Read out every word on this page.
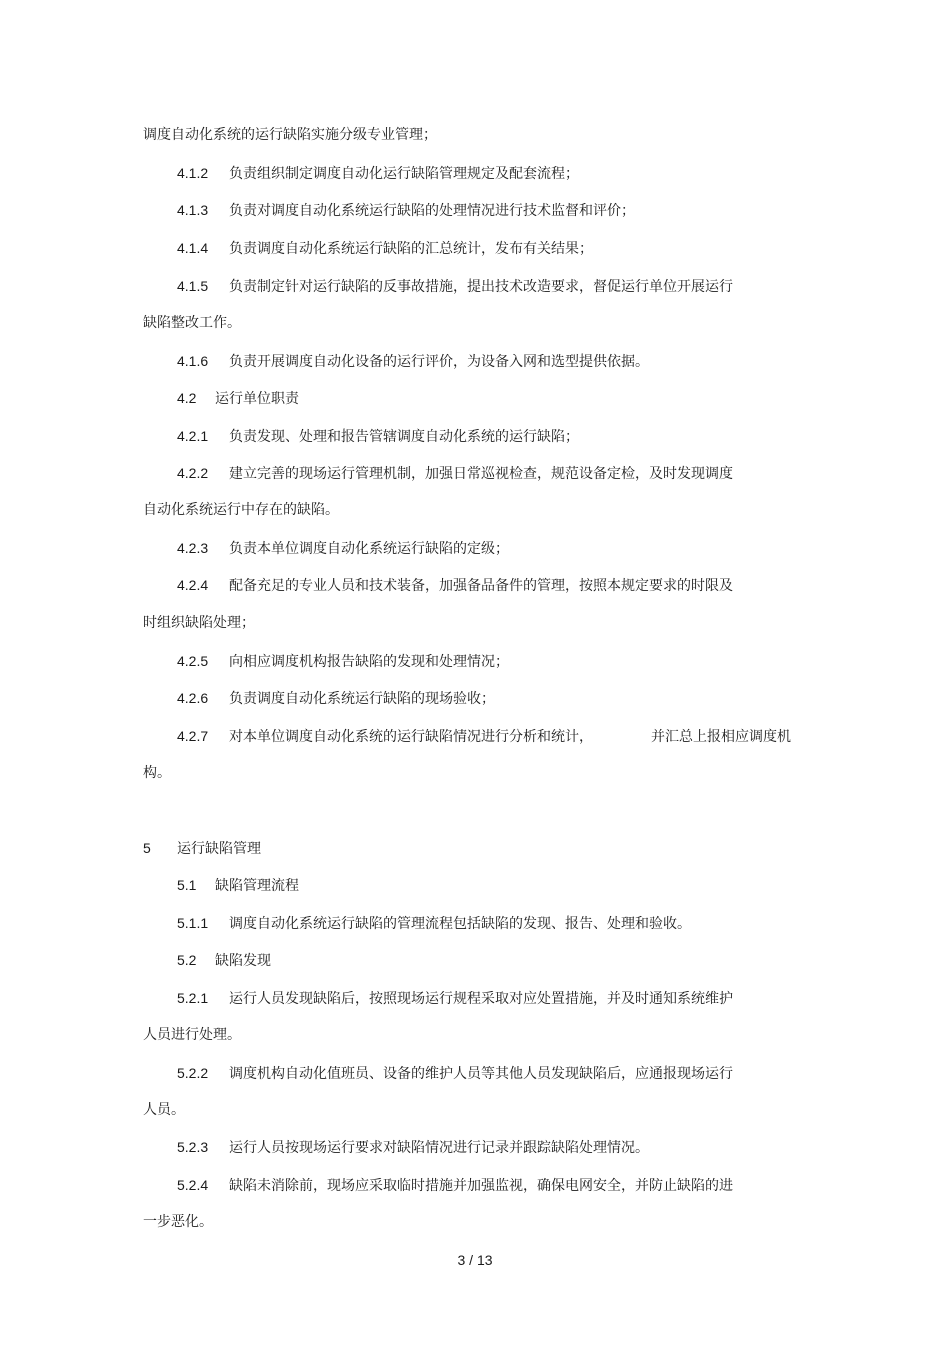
调度自动化系统的运行缺陷实施分级专业管理；
4.1.2 负责组织制定调度自动化运行缺陷管理规定及配套流程；
4.1.3 负责对调度自动化系统运行缺陷的处理情况进行技术监督和评价；
4.1.4 负责调度自动化系统运行缺陷的汇总统计，发布有关结果；
4.1.5 负责制定针对运行缺陷的反事故措施，提出技术改造要求，督促运行单位开展运行
缺陷整改工作。
4.1.6 负责开展调度自动化设备的运行评价，为设备入网和选型提供依据。
4.2 运行单位职责
4.2.1 负责发现、处理和报告管辖调度自动化系统的运行缺陷；
4.2.2 建立完善的现场运行管理机制，加强日常巡视检查，规范设备定检，及时发现调度
自动化系统运行中存在的缺陷。
4.2.3 负责本单位调度自动化系统运行缺陷的定级；
4.2.4 配备充足的专业人员和技术装备，加强备品备件的管理，按照本规定要求的时限及
时组织缺陷处理；
4.2.5 向相应调度机构报告缺陷的发现和处理情况；
4.2.6 负责调度自动化系统运行缺陷的现场验收；
4.2.7 对本单位调度自动化系统的运行缺陷情况进行分析和统计，	并汇总上报相应调度机
构。
5 运行缺陷管理
5.1 缺陷管理流程
5.1.1 调度自动化系统运行缺陷的管理流程包括缺陷的发现、报告、处理和验收。
5.2 缺陷发现
5.2.1 运行人员发现缺陷后，按照现场运行规程采取对应处置措施，并及时通知系统维护
人员进行处理。
5.2.2 调度机构自动化值班员、设备的维护人员等其他人员发现缺陷后，应通报现场运行
人员。
5.2.3 运行人员按现场运行要求对缺陷情况进行记录并跟踪缺陷处理情况。
5.2.4 缺陷未消除前，现场应采取临时措施并加强监视，确保电网安全，并防止缺陷的进
一步恶化。
3 / 13
